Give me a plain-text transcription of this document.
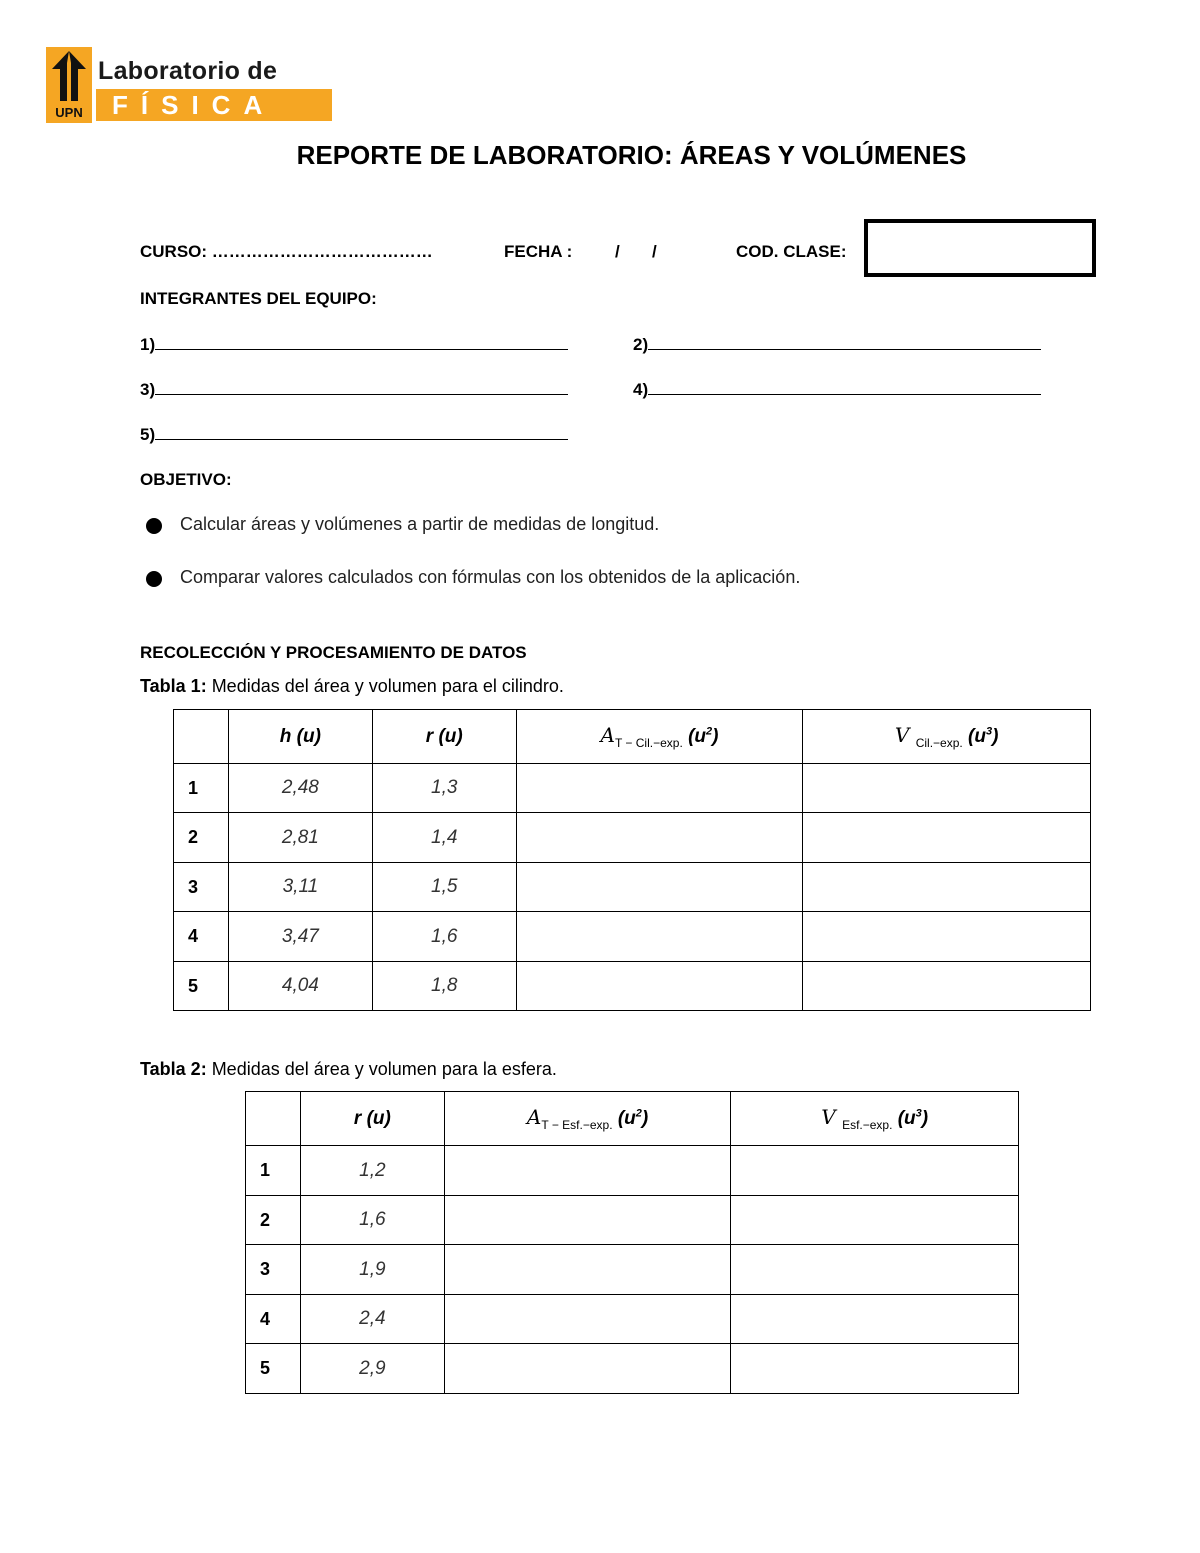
UPN
Laboratorio de
FÍSICA
REPORTE DE LABORATORIO: ÁREAS Y VOLÚMENES
CURSO: …………………………………	FECHA :	/ /	COD. CLASE:
INTEGRANTES DEL EQUIPO:
1)	2)
3)	4)
5)
OBJETIVO:
Calcular áreas y volúmenes a partir de medidas de longitud.
Comparar valores calculados con fórmulas con los obtenidos de la aplicación.
RECOLECCIÓN Y PROCESAMIENTO DE DATOS
Tabla 1: Medidas del área y volumen para el cilindro.
	h (u)	r (u)	$A_{T - Cil.-exp.}$ $(u^2)$	V $_{Cil.-exp.}$ $(u^3)$
1	2,48	1,3		
2	2,81	1,4		
3	3,11	1,5		
4	3,47	1,6		
5	4,04	1,8		
Tabla 2: Medidas del área y volumen para la esfera.
	r (u)	$A_{T - Esf.-exp.}$ $(u^2)$	V $_{Esf.-exp.}$ $(u^3)$
1	1,2		
2	1,6		
3	1,9		
4	2,4		
5	2,9		
